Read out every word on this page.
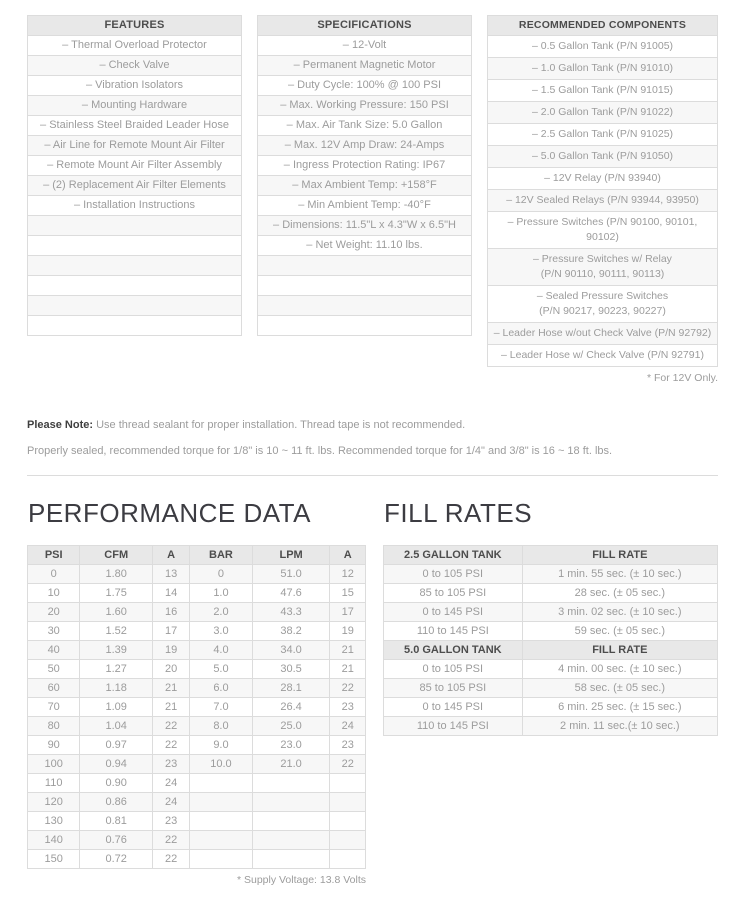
FEATURES
– Thermal Overload Protector
– Check Valve
– Vibration Isolators
– Mounting Hardware
– Stainless Steel Braided Leader Hose
– Air Line for Remote Mount Air Filter
– Remote Mount Air Filter Assembly
– (2) Replacement Air Filter Elements
– Installation Instructions

SPECIFICATIONS
– 12-Volt
– Permanent Magnetic Motor
– Duty Cycle: 100% @ 100 PSI
– Max. Working Pressure: 150 PSI
– Max. Air Tank Size: 5.0 Gallon
– Max. 12V Amp Draw: 24-Amps
– Ingress Protection Rating: IP67
– Max Ambient Temp: +158°F
– Min Ambient Temp: -40°F
– Dimensions: 11.5"L x 4.3"W x 6.5"H
– Net Weight: 11.10 lbs.

RECOMMENDED COMPONENTS

– 0.5 Gallon Tank (P/N 91005)

– 1.0 Gallon Tank (P/N 91010)

– 1.5 Gallon Tank (P/N 91015)

– 2.0 Gallon Tank (P/N 91022)

– 2.5 Gallon Tank (P/N 91025)

– 5.0 Gallon Tank (P/N 91050)

– 12V Relay (P/N 93940)

– 12V Sealed Relays (P/N 93944, 93950)

– Pressure Switches (P/N 90100, 90101,
90102)

– Pressure Switches w/ Relay
(P/N 90110, 90111, 90113)

– Sealed Pressure Switches
(P/N 90217, 90223, 90227)

– Leader Hose w/out Check Valve (P/N 92792)

– Leader Hose w/ Check Valve (P/N 92791)
* For 12V Only.

Please Note: Use thread sealant for proper installation. Thread tape is not recommended.

Properly sealed, recommended torque for 1/8" is 10 ~ 11 ft. lbs. Recommended torque for 1/4" and 3/8" is 16 ~ 18 ft. lbs.

PERFORMANCE DATA
PSI	CFM	A	BAR	LPM	A
0	1.80	13	0	51.0	12
10	1.75	14	1.0	47.6	15
20	1.60	16	2.0	43.3	17
30	1.52	17	3.0	38.2	19
40	1.39	19	4.0	34.0	21
50	1.27	20	5.0	30.5	21
60	1.18	21	6.0	28.1	22
70	1.09	21	7.0	26.4	23
80	1.04	22	8.0	25.0	24
90	0.97	22	9.0	23.0	23
100	0.94	23	10.0	21.0	22
110	0.90	24			
120	0.86	24			
130	0.81	23			
140	0.76	22			
150	0.72	22			
* Supply Voltage: 13.8 Volts
FILL RATES
2.5 GALLON TANK	FILL RATE
0 to 105 PSI	1 min. 55 sec. (± 10 sec.)
85 to 105 PSI	28 sec. (± 05 sec.)
0 to 145 PSI	3 min. 02 sec. (± 10 sec.)
110 to 145 PSI	59 sec. (± 05 sec.)
5.0 GALLON TANK	FILL RATE
0 to 105 PSI	4 min. 00 sec. (± 10 sec.)
85 to 105 PSI	58 sec. (± 05 sec.)
0 to 145 PSI	6 min. 25 sec. (± 15 sec.)
110 to 145 PSI	2 min. 11 sec.(± 10 sec.)
